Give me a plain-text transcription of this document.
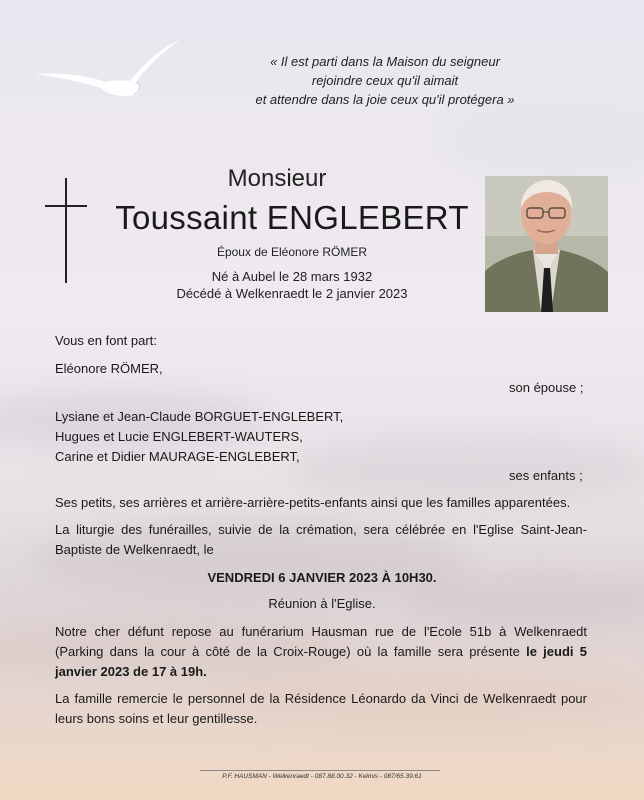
« Il est parti dans la Maison du seigneur
rejoindre ceux qu'il aimait
et attendre dans la joie ceux qu'il protégera »
Monsieur
Toussaint ENGLEBERT
Époux de Eléonore RÖMER
Né à Aubel le 28 mars 1932
Décédé à Welkenraedt le 2 janvier 2023
Vous en font part:
Eléonore RÖMER,
son épouse ;
Lysiane et Jean-Claude BORGUET-ENGLEBERT,
Hugues et Lucie ENGLEBERT-WAUTERS,
Carine et Didier MAURAGE-ENGLEBERT,
ses enfants ;
Ses petits, ses arrières et arrière-arrière-petits-enfants ainsi que les familles apparentées.
La liturgie des funérailles, suivie de la crémation, sera célébrée en l'Eglise Saint-Jean-Baptiste de Welkenraedt, le
VENDREDI 6 JANVIER 2023 À 10H30.
Réunion à l'Eglise.
Notre cher défunt repose au funérarium Hausman rue de l'Ecole 51b à Welkenraedt (Parking dans la cour à côté de la Croix-Rouge) où la famille sera présente le jeudi 5 janvier 2023 de 17 à 19h.
La famille remercie le personnel de la Résidence Léonardo da Vinci de Welkenraedt pour leurs bons soins et leur gentillesse.
P.F. HAUSMAN - Welkenraedt - 087.88.00.32 - Kelmis - 087/65.39.61
